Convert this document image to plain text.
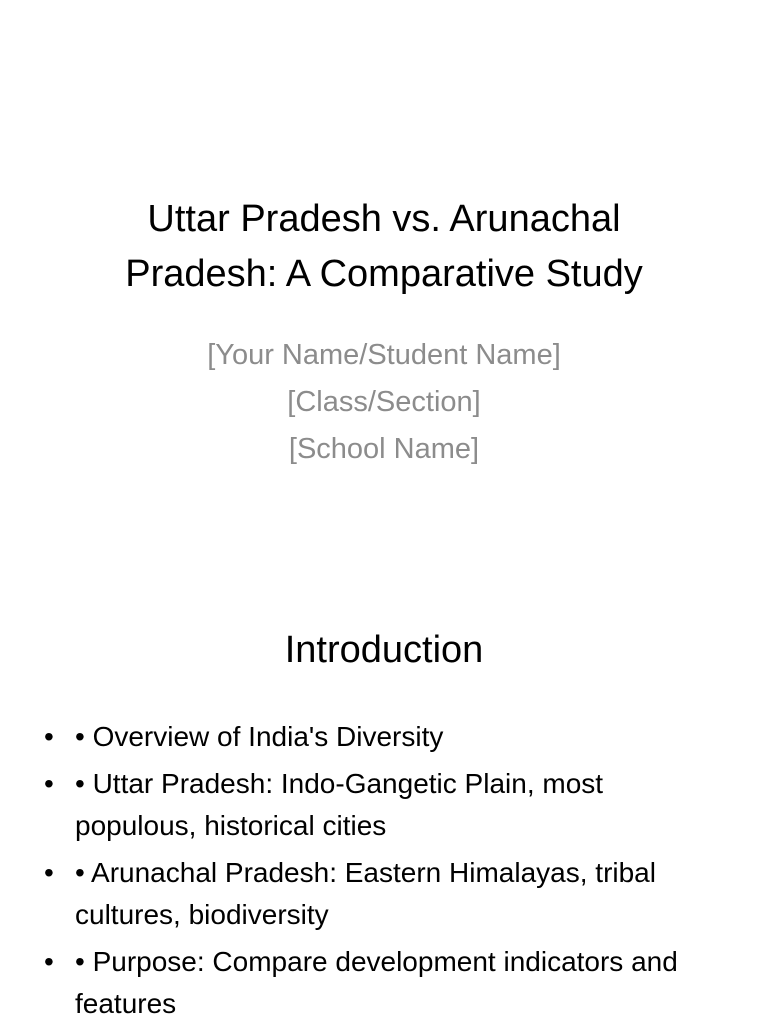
Uttar Pradesh vs. Arunachal
Pradesh: A Comparative Study
[Your Name/Student Name]
[Class/Section]
[School Name]
Introduction
• • Overview of India's Diversity
• • Uttar Pradesh: Indo-Gangetic Plain, most populous, historical cities
• • Arunachal Pradesh: Eastern Himalayas, tribal cultures, biodiversity
• • Purpose: Compare development indicators and features
